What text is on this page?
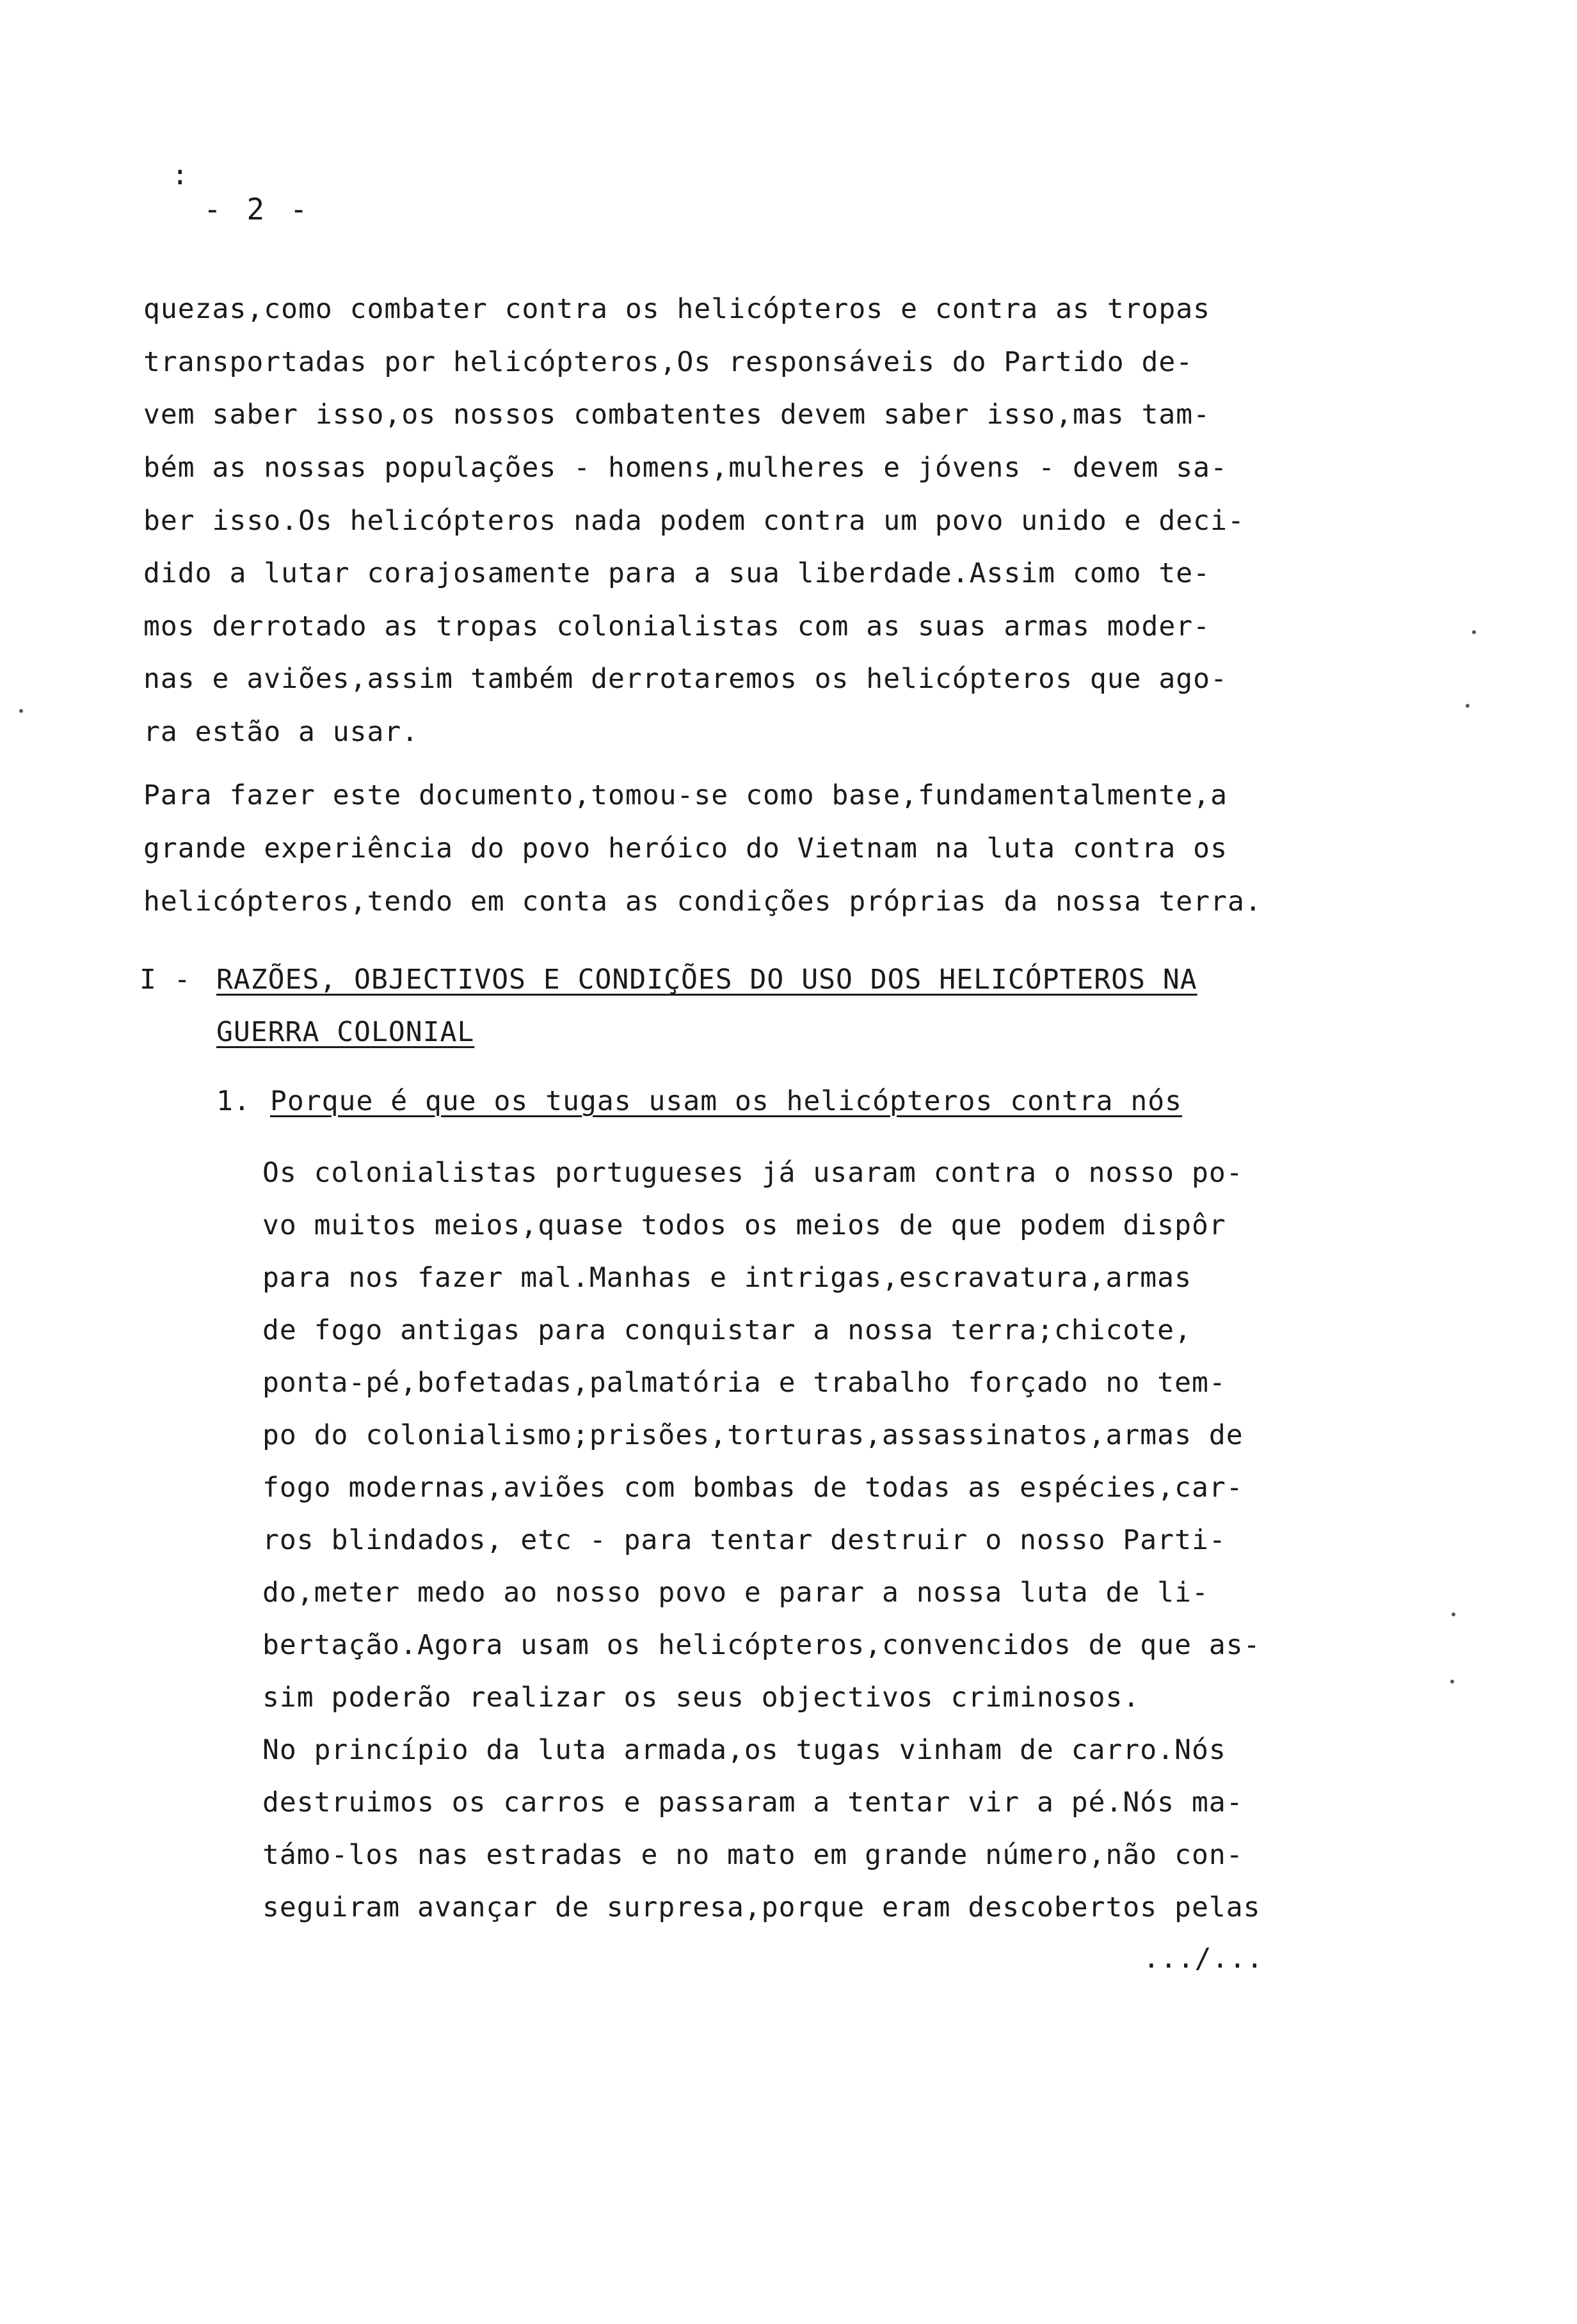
:
- 2 -
quezas,como combater contra os helicópteros e contra as tropas
transportadas por helicópteros,Os responsáveis do Partido de-
vem saber isso,os nossos combatentes devem saber isso,mas tam-
bém as nossas populações - homens,mulheres e jóvens - devem sa-
ber isso.Os helicópteros nada podem contra um povo unido e deci-
dido a lutar corajosamente para a sua liberdade.Assim como te-
mos derrotado as tropas colonialistas com as suas armas moder-
nas e aviões,assim também derrotaremos os helicópteros que ago-
ra estão a usar.
Para fazer este documento,tomou-se como base,fundamentalmente,a
grande experiência do povo heróico do Vietnam na luta contra os
helicópteros,tendo em conta as condições próprias da nossa terra.
I - RAZÕES, OBJECTIVOS E CONDIÇÕES DO USO DOS HELICÓPTEROS NA
GUERRA COLONIAL
1. Porque é que os tugas usam os helicópteros contra nós
Os colonialistas portugueses já usaram contra o nosso po-
vo muitos meios,quase todos os meios de que podem dispôr
para nos fazer mal.Manhas e intrigas,escravatura,armas
de fogo antigas para conquistar a nossa terra;chicote,
ponta-pé,bofetadas,palmatória e trabalho forçado no tem-
po do colonialismo;prisões,torturas,assassinatos,armas de
fogo modernas,aviões com bombas de todas as espécies,car-
ros blindados, etc - para tentar destruir o nosso Parti-
do,meter medo ao nosso povo e parar a nossa luta de li-
bertação.Agora usam os helicópteros,convencidos de que as-
sim poderão realizar os seus objectivos criminosos.
No princípio da luta armada,os tugas vinham de carro.Nós
destruimos os carros e passaram a tentar vir a pé.Nós ma-
támo-los nas estradas e no mato em grande número,não con-
seguiram avançar de surpresa,porque eram descobertos pelas
.../...
